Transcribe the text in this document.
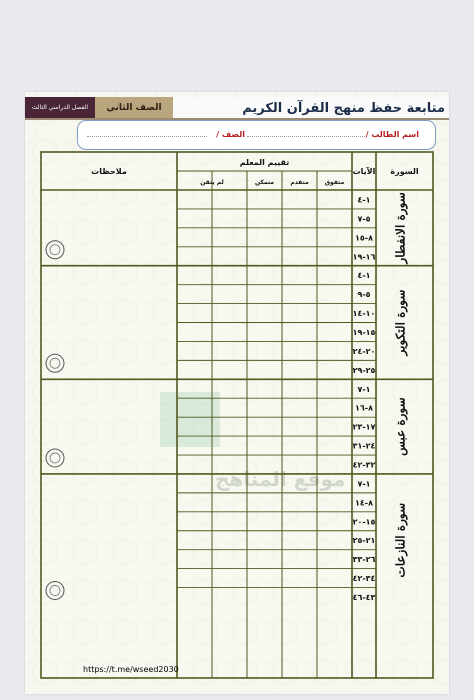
الفصل الدراسي الثالث	الصف الثاني	متابعة حفظ منهج القرآن الكريم
اسم الطالب /
الصف /
السورة
الآيات
تقييم المعلم
ملاحظات
متفوق
متقدم
متمكن
لم يتقن
١-٤
٥-٧
٨-١٥
١٦-١٩ سورة الانفطار
١-٤
٥-٩
١٠-١٤
١٥-١٩
٢٠-٢٤
٢٥-٢٩
سورة التكوير
١-٧
٨-١٦
١٧-٢٣
٢٤-٣١
٣٢-٤٢
سورة عبس
١-٧
٨-١٤
١٥-٢٠
٢١-٢٥
٢٦-٣٣
٣٤-٤٢
٤٣-٤٦
سورة النازعات
https://t.me/wseed2030
